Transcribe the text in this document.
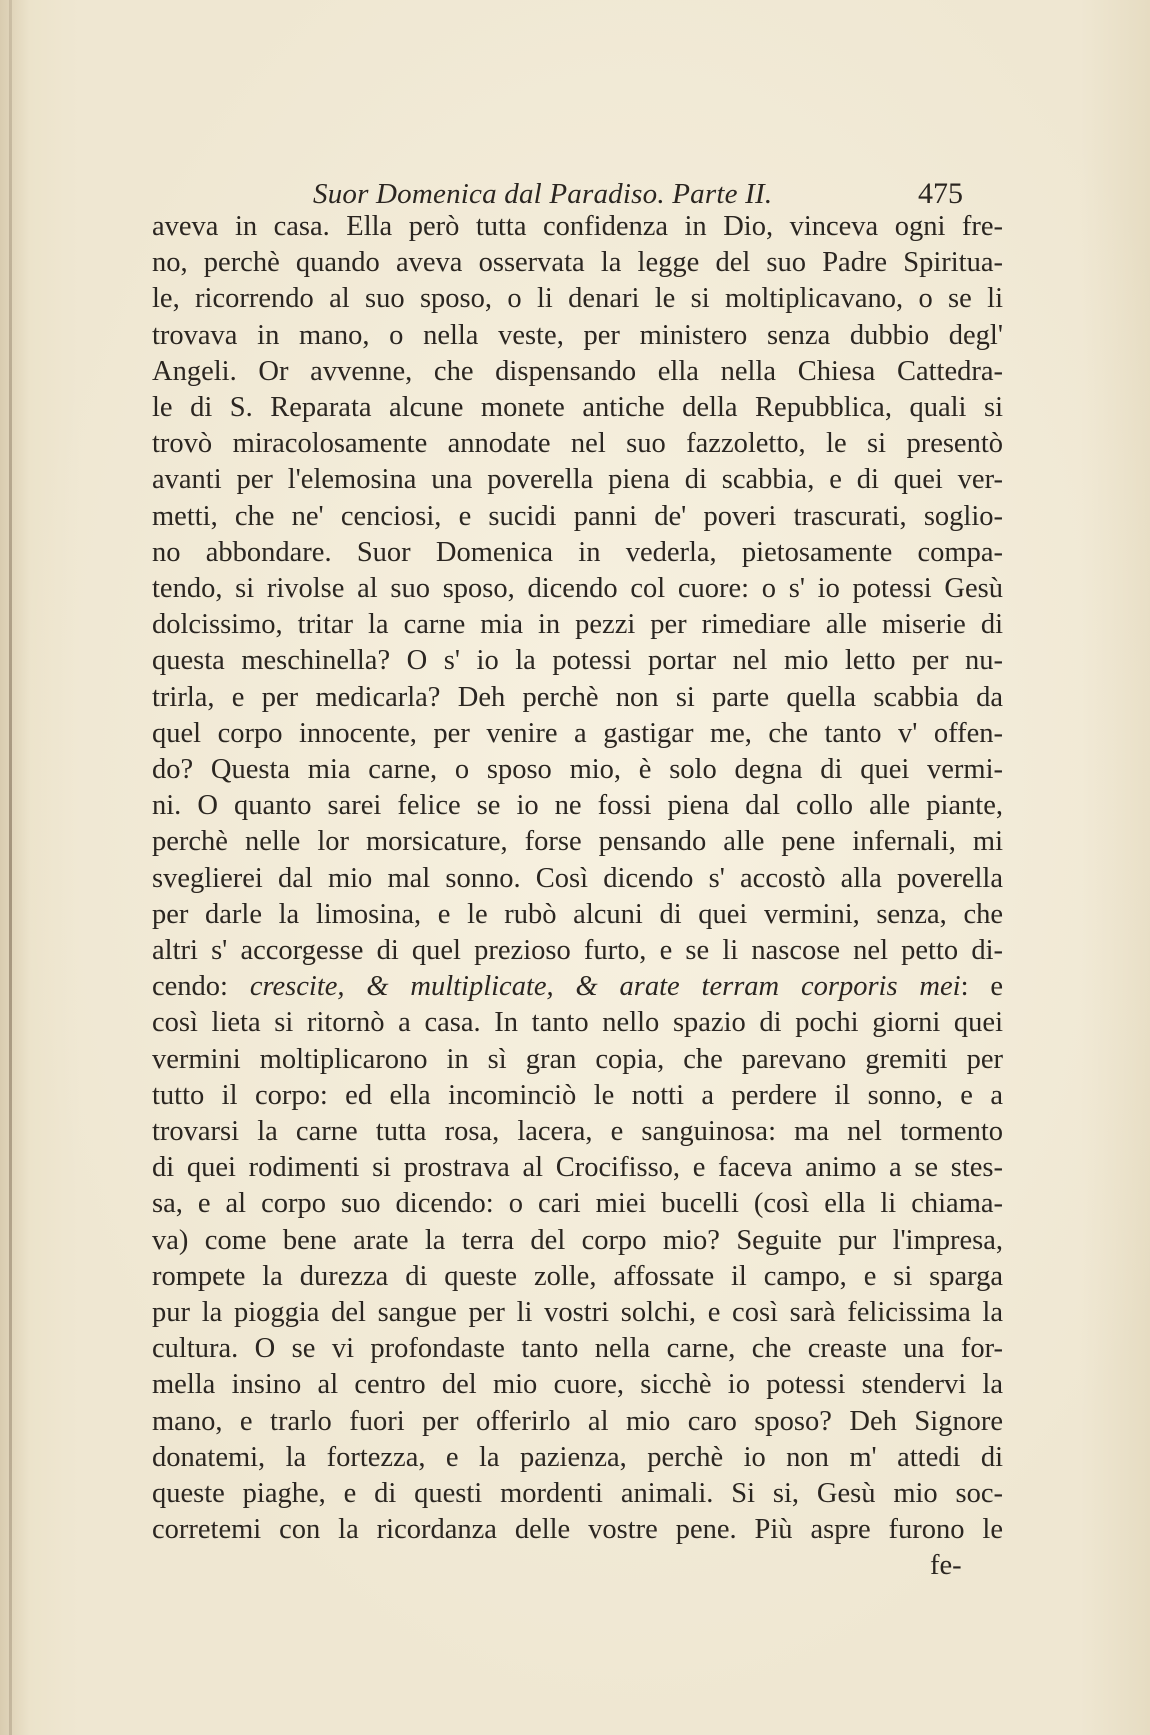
Suor Domenica dal Paradiso. Parte II.	475
aveva in casa. Ella però tutta confidenza in Dio, vinceva ogni fre-
no, perchè quando aveva osservata la legge del suo Padre Spiritua-
le, ricorrendo al suo sposo, o li denari le si moltiplicavano, o se li
trovava in mano, o nella veste, per ministero senza dubbio degl'
Angeli. Or avvenne, che dispensando ella nella Chiesa Cattedra-
le di S. Reparata alcune monete antiche della Repubblica, quali si
trovò miracolosamente annodate nel suo fazzoletto, le si presentò
avanti per l'elemosina una poverella piena di scabbia, e di quei ver-
metti, che ne' cenciosi, e sucidi panni de' poveri trascurati, soglio-
no abbondare. Suor Domenica in vederla, pietosamente compa-
tendo, si rivolse al suo sposo, dicendo col cuore: o s' io potessi Gesù
dolcissimo, tritar la carne mia in pezzi per rimediare alle miserie di
questa meschinella? O s' io la potessi portar nel mio letto per nu-
trirla, e per medicarla? Deh perchè non si parte quella scabbia da
quel corpo innocente, per venire a gastigar me, che tanto v' offen-
do? Questa mia carne, o sposo mio, è solo degna di quei vermi-
ni. O quanto sarei felice se io ne fossi piena dal collo alle piante,
perchè nelle lor morsicature, forse pensando alle pene infernali, mi
sveglierei dal mio mal sonno. Così dicendo s' accostò alla poverella
per darle la limosina, e le rubò alcuni di quei vermini, senza, che
altri s' accorgesse di quel prezioso furto, e se li nascose nel petto di-
cendo: crescite, & multiplicate, & arate terram corporis mei: e
così lieta si ritornò a casa. In tanto nello spazio di pochi giorni quei
vermini moltiplicarono in sì gran copia, che parevano gremiti per
tutto il corpo: ed ella incominciò le notti a perdere il sonno, e a
trovarsi la carne tutta rosa, lacera, e sanguinosa: ma nel tormento
di quei rodimenti si prostrava al Crocifisso, e faceva animo a se stes-
sa, e al corpo suo dicendo: o cari miei bucelli (così ella li chiama-
va) come bene arate la terra del corpo mio? Seguite pur l'impresa,
rompete la durezza di queste zolle, affossate il campo, e si sparga
pur la pioggia del sangue per li vostri solchi, e così sarà felicissima la
cultura. O se vi profondaste tanto nella carne, che creaste una for-
mella insino al centro del mio cuore, sicchè io potessi stendervi la
mano, e trarlo fuori per offerirlo al mio caro sposo? Deh Signore
donatemi, la fortezza, e la pazienza, perchè io non m' attedi di
queste piaghe, e di questi mordenti animali. Si si, Gesù mio soc-
corretemi con la ricordanza delle vostre pene. Più aspre furono le
fe-
